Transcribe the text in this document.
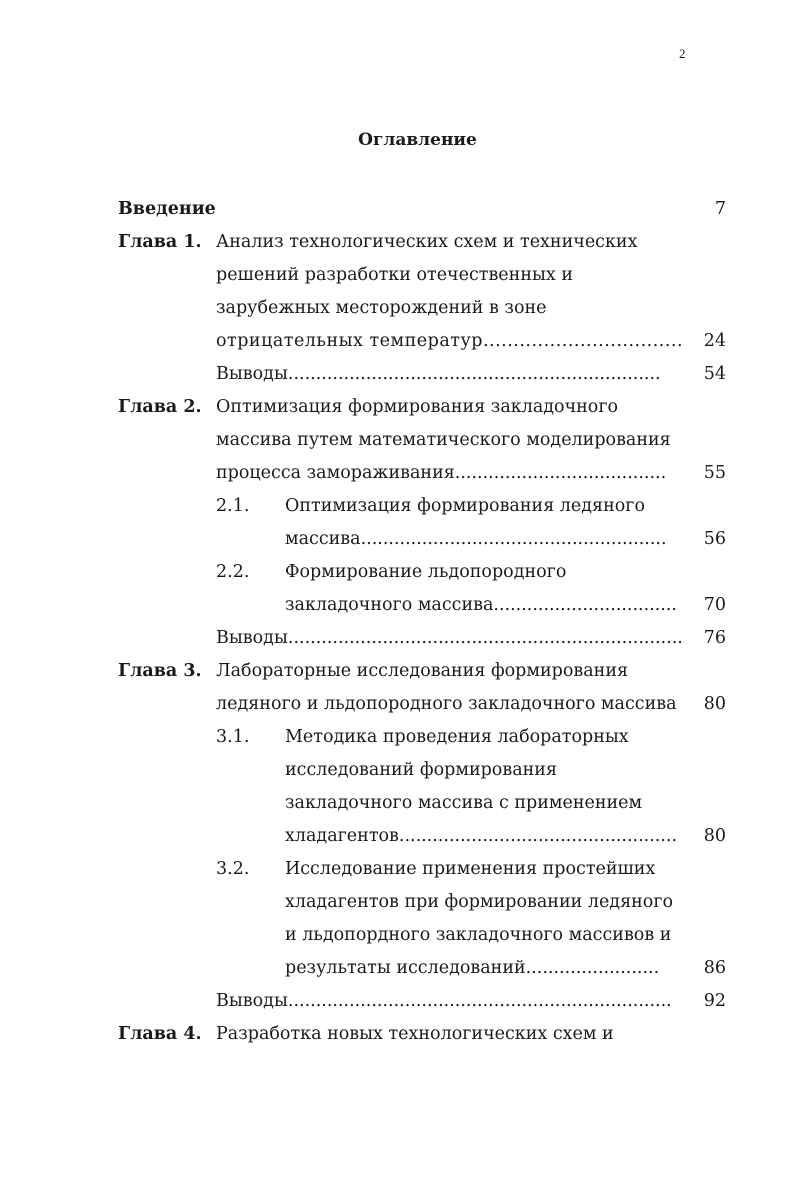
2
Оглавление
Введение	7
Глава 1. Анализ технологических схем и технических
решений разработки отечественных и
зарубежных месторождений в зоне
отрицательных температур................................. 24
Выводы................................................................... 54
Глава 2. Оптимизация формирования закладочного
массива путем математического моделирования
процесса замораживания...................................... 55
2.1. Оптимизация формирования ледяного
массива....................................................... 56
2.2. Формирование льдопородного
закладочного массива................................. 70
Выводы....................................................................... 76
Глава 3. Лабораторные исследования формирования
ледяного и льдопородного закладочного массива 80
3.1. Методика проведения лабораторных
исследований формирования
закладочного массива с применением
хладагентов.................................................. 80
3.2. Исследование применения простейших
хладагентов при формировании ледяного
и льдопордного закладочного массивов и
результаты исследований........................	86
Выводы..................................................................... 92
Глава 4. Разработка новых технологических схем и
